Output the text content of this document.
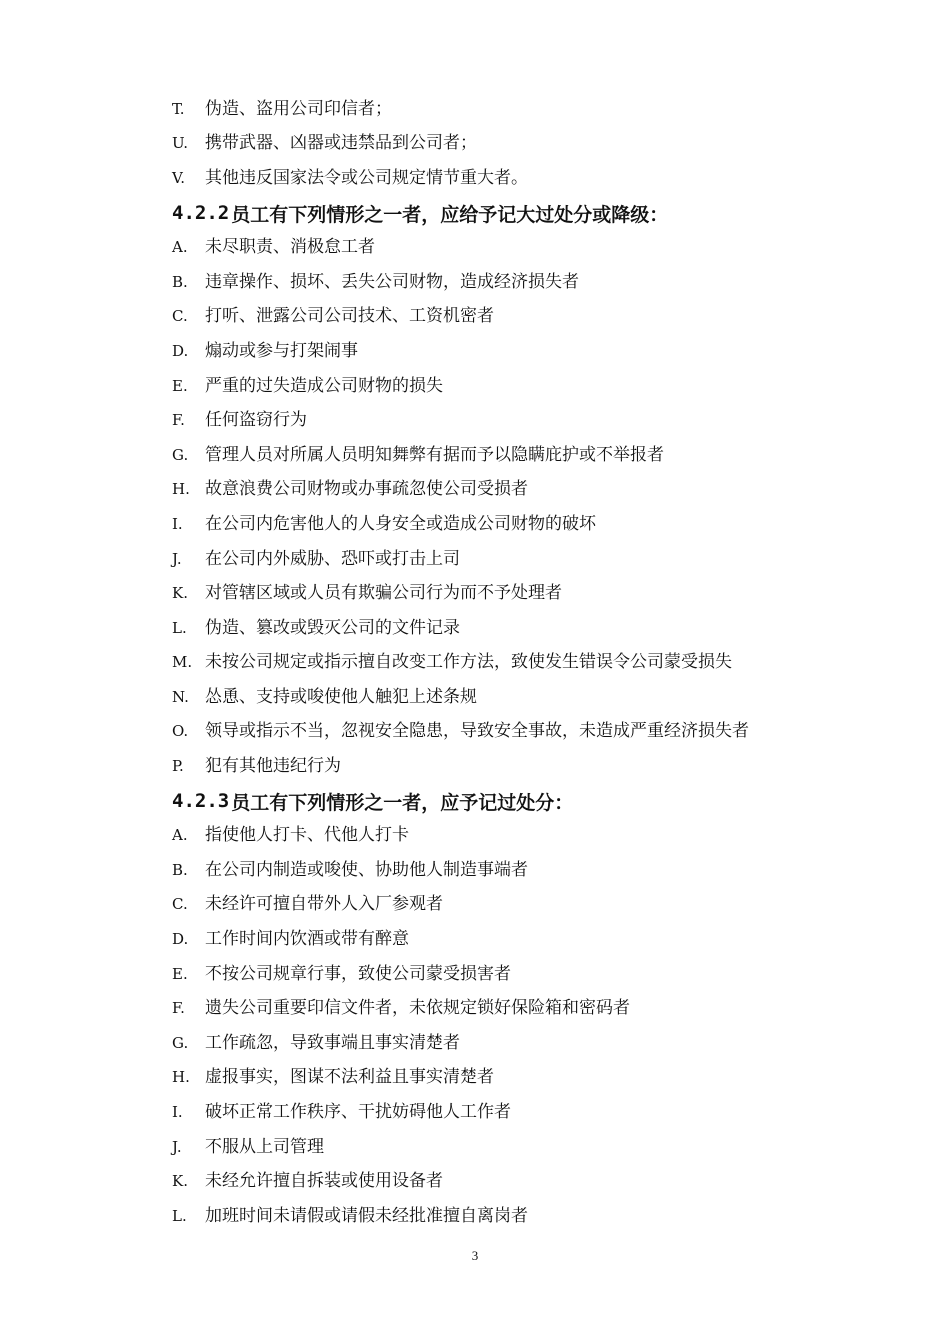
T.	伪造、盗用公司印信者；
U. 携带武器、凶器或违禁品到公司者；
V.	其他违反国家法令或公司规定情节重大者。
4.2.2 员工有下列情形之一者，应给予记大过处分或降级：
A.	未尽职责、消极怠工者
B.	违章操作、损坏、丢失公司财物，造成经济损失者
C.	打听、泄露公司公司技术、工资机密者
D. 煽动或参与打架闹事
E.	严重的过失造成公司财物的损失
F.	任何盗窃行为
G. 管理人员对所属人员明知舞弊有据而予以隐瞒庇护或不举报者
H. 故意浪费公司财物或办事疏忽使公司受损者
I.	在公司内危害他人的人身安全或造成公司财物的破坏
J.	在公司内外威胁、恐吓或打击上司
K.	对管辖区域或人员有欺骗公司行为而不予处理者
L.	伪造、篡改或毁灭公司的文件记录
M. 未按公司规定或指示擅自改变工作方法，致使发生错误令公司蒙受损失
N. 怂恿、支持或唆使他人触犯上述条规
O. 领导或指示不当，忽视安全隐患，导致安全事故，未造成严重经济损失者
P.	犯有其他违纪行为
4.2.3 员工有下列情形之一者，应予记过处分：
A.	指使他人打卡、代他人打卡
B.	在公司内制造或唆使、协助他人制造事端者
C.	未经许可擅自带外人入厂参观者
D. 工作时间内饮酒或带有醉意
E.	不按公司规章行事，致使公司蒙受损害者
F.	遗失公司重要印信文件者，未依规定锁好保险箱和密码者
G. 工作疏忽，导致事端且事实清楚者
H. 虚报事实，图谋不法利益且事实清楚者
I.	破坏正常工作秩序、干扰妨碍他人工作者
J.	不服从上司管理
K.	未经允许擅自拆装或使用设备者
L.	加班时间未请假或请假未经批准擅自离岗者
3
